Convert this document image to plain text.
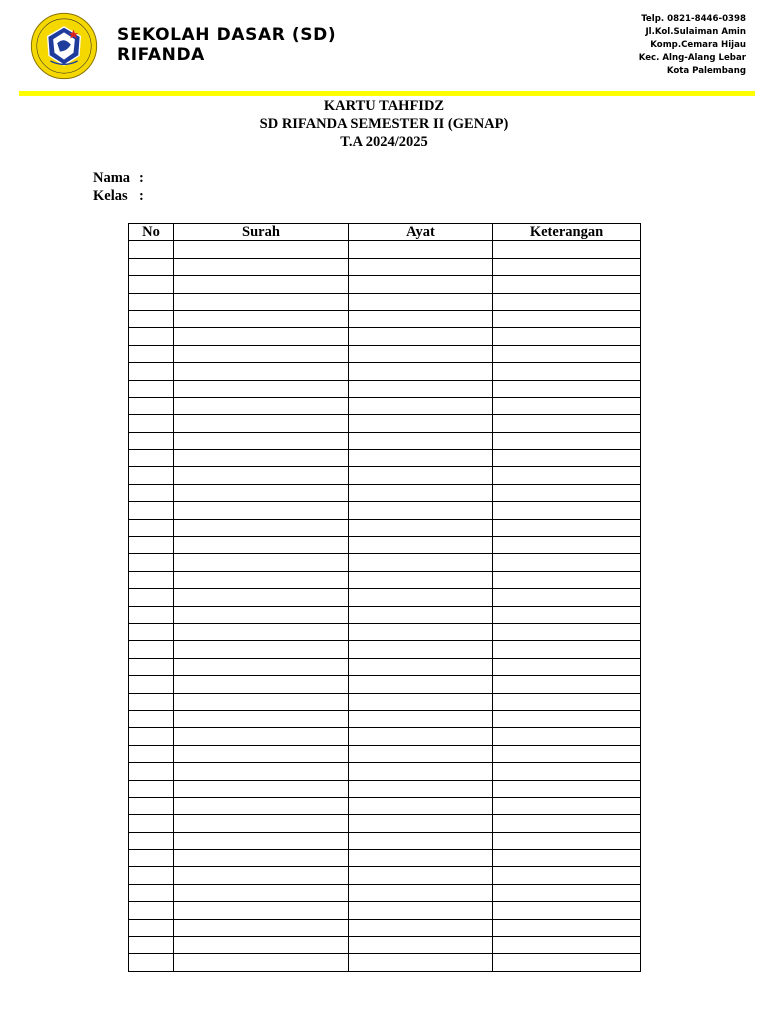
SEKOLAH DASAR (SD)
RIFANDA
Telp. 0821-8446-0398
Jl.Kol.Sulaiman Amin
Komp.Cemara Hijau
Kec. Alng-Alang Lebar
Kota Palembang
KARTU TAHFIDZ
SD RIFANDA SEMESTER II (GENAP)
T.A 2024/2025
Nama :
Kelas :
No	Surah	Ayat	Keterangan
